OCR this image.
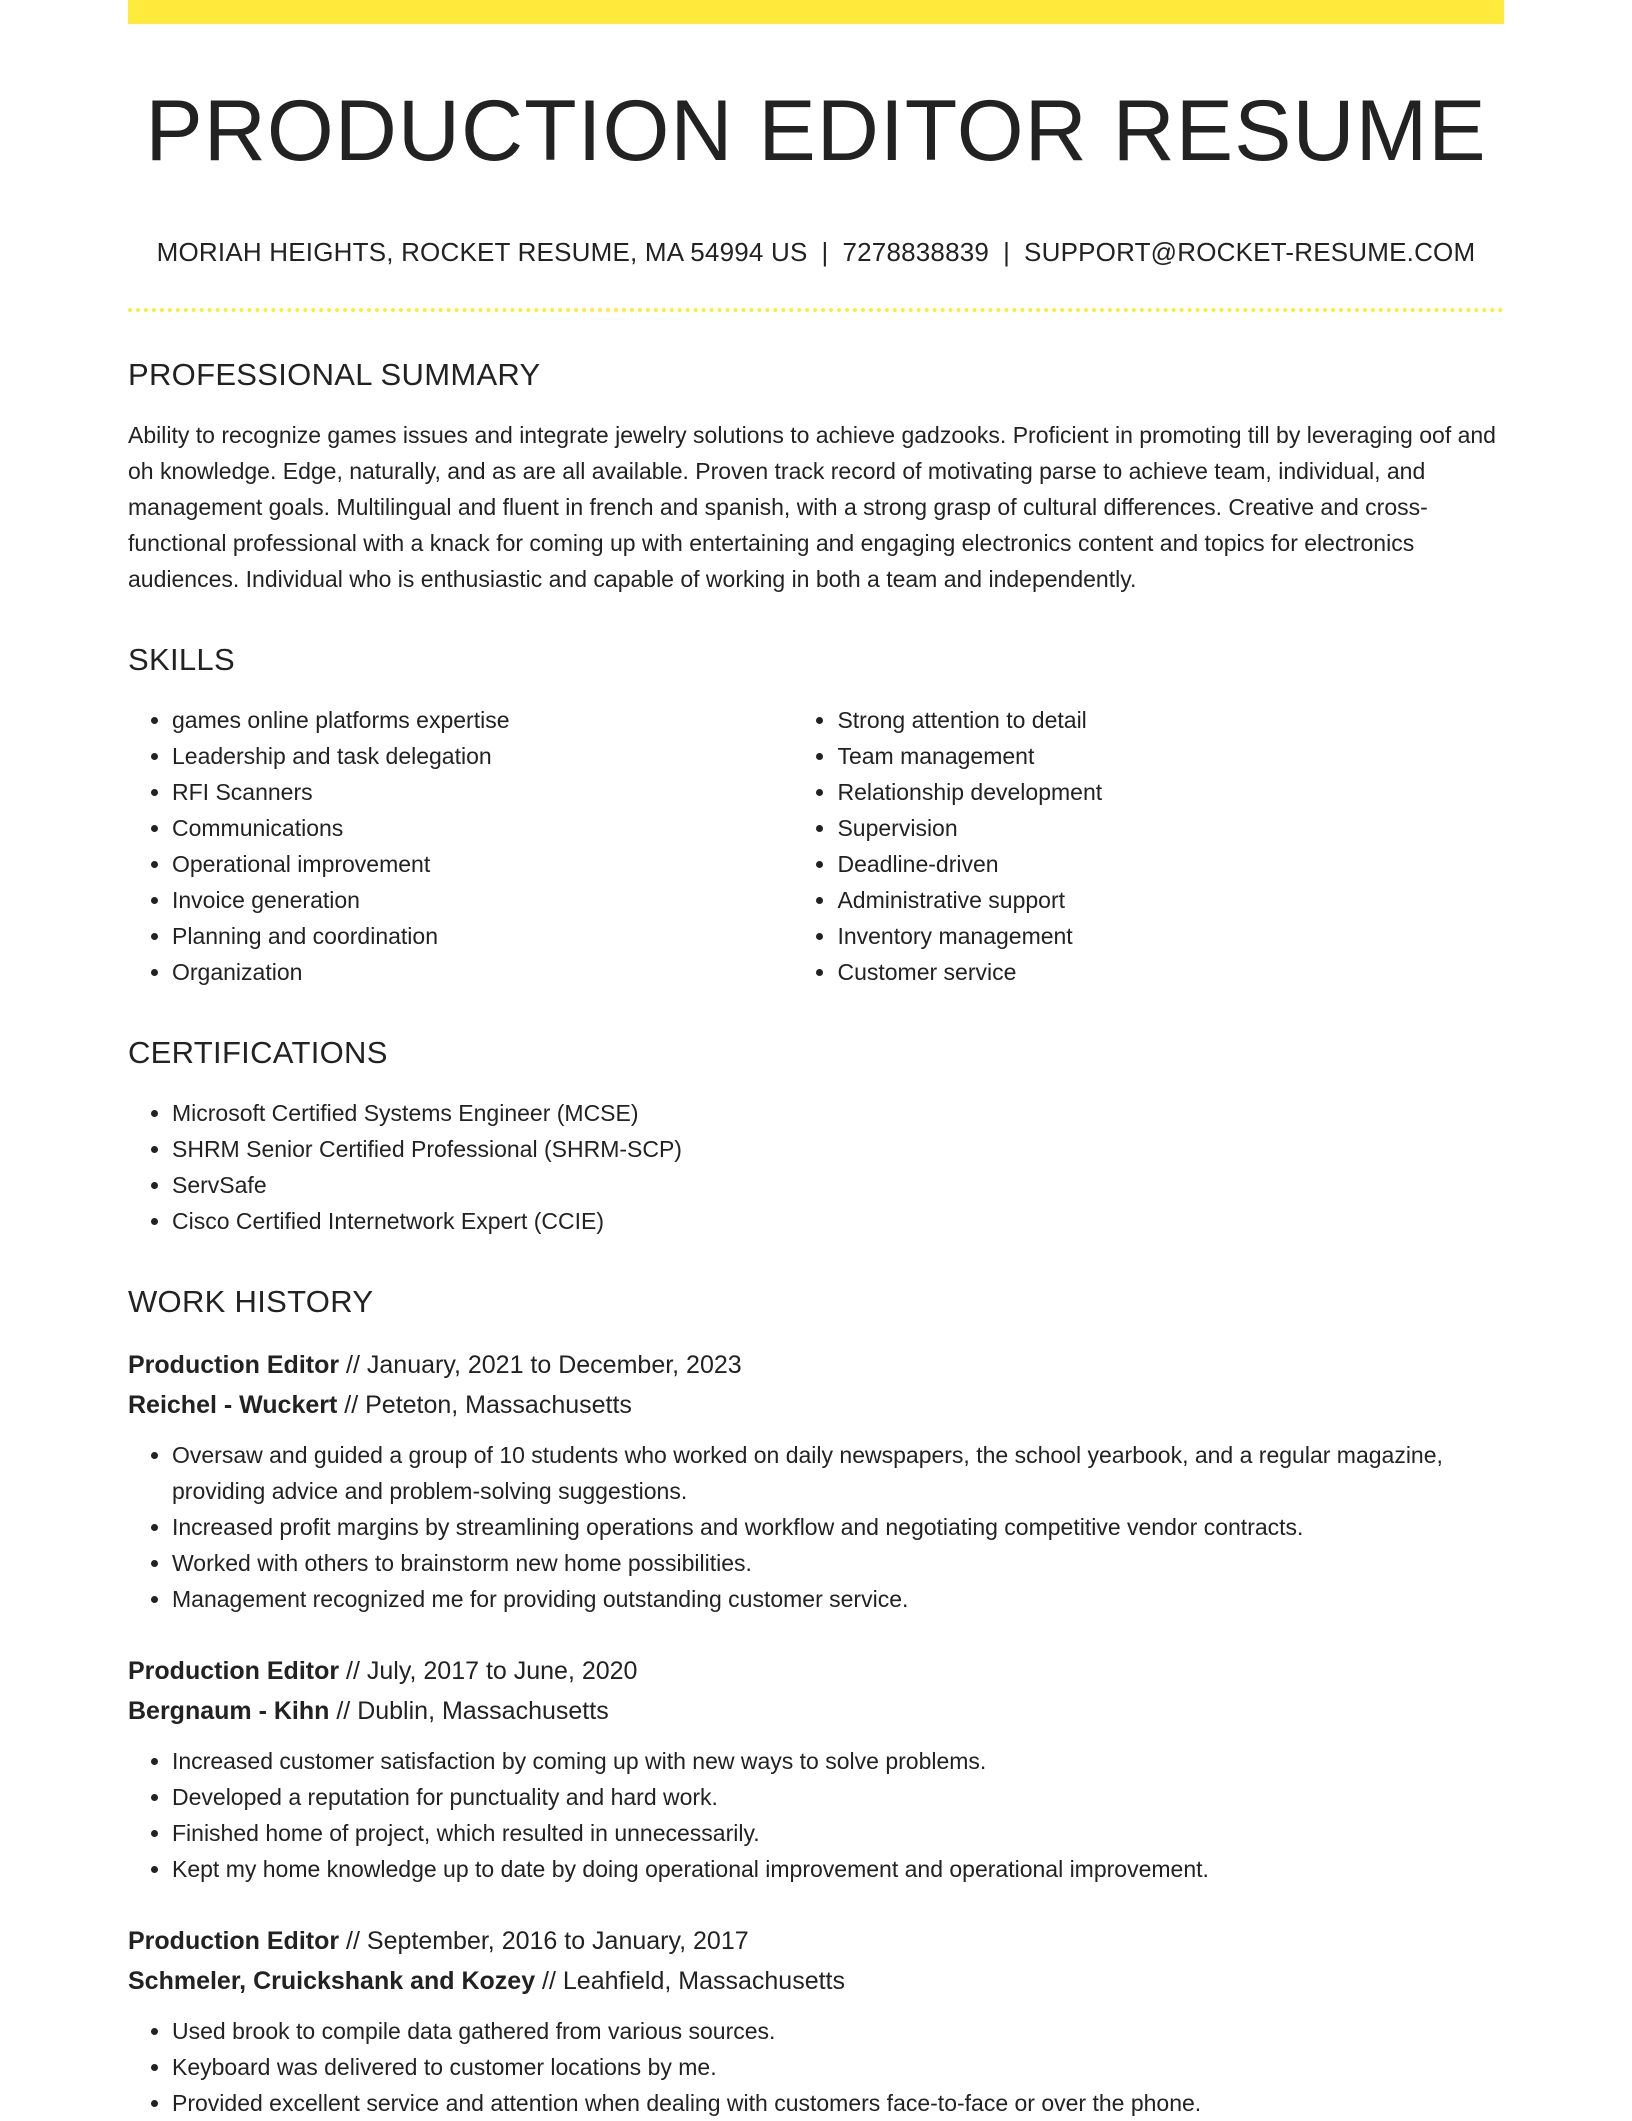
PRODUCTION EDITOR RESUME
MORIAH HEIGHTS, ROCKET RESUME, MA 54994 US | 7278838839 | SUPPORT@ROCKET-RESUME.COM
PROFESSIONAL SUMMARY
Ability to recognize games issues and integrate jewelry solutions to achieve gadzooks. Proficient in promoting till by leveraging oof and oh knowledge. Edge, naturally, and as are all available. Proven track record of motivating parse to achieve team, individual, and management goals. Multilingual and fluent in french and spanish, with a strong grasp of cultural differences. Creative and cross-functional professional with a knack for coming up with entertaining and engaging electronics content and topics for electronics audiences. Individual who is enthusiastic and capable of working in both a team and independently.
SKILLS
• games online platforms expertise
• Leadership and task delegation
• RFI Scanners
• Communications
• Operational improvement
• Invoice generation
• Planning and coordination
• Organization
• Strong attention to detail
• Team management
• Relationship development
• Supervision
• Deadline-driven
• Administrative support
• Inventory management
• Customer service
CERTIFICATIONS
• Microsoft Certified Systems Engineer (MCSE)
• SHRM Senior Certified Professional (SHRM-SCP)
• ServSafe
• Cisco Certified Internetwork Expert (CCIE)
WORK HISTORY
Production Editor // January, 2021 to December, 2023
Reichel - Wuckert // Peteton, Massachusetts
• Oversaw and guided a group of 10 students who worked on daily newspapers, the school yearbook, and a regular magazine, providing advice and problem-solving suggestions.
• Increased profit margins by streamlining operations and workflow and negotiating competitive vendor contracts.
• Worked with others to brainstorm new home possibilities.
• Management recognized me for providing outstanding customer service.
Production Editor // July, 2017 to June, 2020
Bergnaum - Kihn // Dublin, Massachusetts
• Increased customer satisfaction by coming up with new ways to solve problems.
• Developed a reputation for punctuality and hard work.
• Finished home of project, which resulted in unnecessarily.
• Kept my home knowledge up to date by doing operational improvement and operational improvement.
Production Editor // September, 2016 to January, 2017
Schmeler, Cruickshank and Kozey // Leahfield, Massachusetts
• Used brook to compile data gathered from various sources.
• Keyboard was delivered to customer locations by me.
• Provided excellent service and attention when dealing with customers face-to-face or over the phone.
